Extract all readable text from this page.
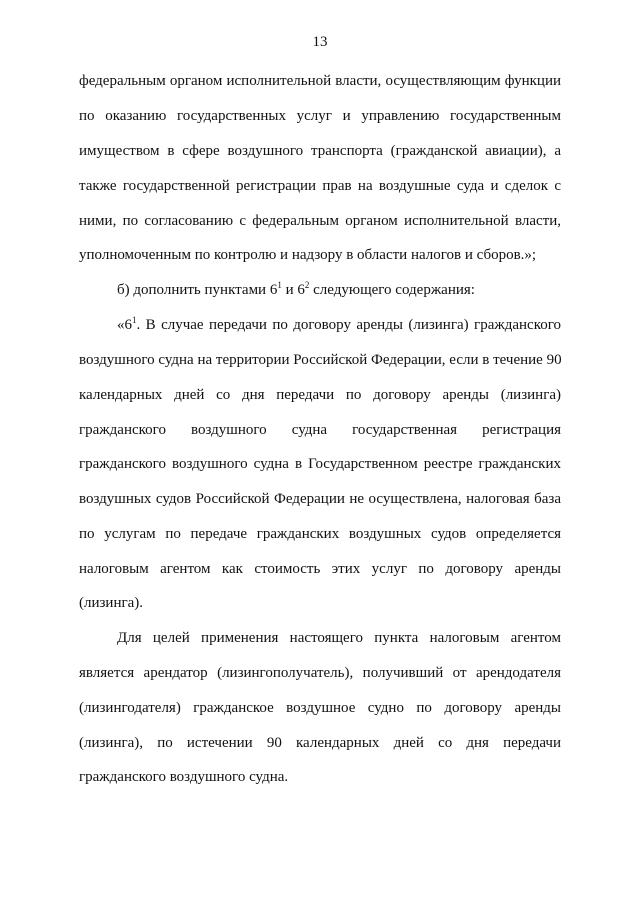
13
федеральным органом исполнительной власти, осуществляющим функции
по оказанию государственных услуг и управлению государственным
имуществом в сфере воздушного транспорта (гражданской авиации), а
также государственной регистрации прав на воздушные суда и сделок с
ними, по согласованию с федеральным органом исполнительной власти,
уполномоченным по контролю и надзору в области налогов и сборов.»;
б) дополнить пунктами $6^1$ и $6^2$ следующего содержания:
«$6^1$. В случае передачи по договору аренды (лизинга) гражданского
воздушного судна на территории Российской Федерации, если в течение 90
календарных дней со дня передачи по договору аренды (лизинга)
гражданского воздушного судна государственная регистрация
гражданского воздушного судна в Государственном реестре гражданских
воздушных судов Российской Федерации не осуществлена, налоговая база
по услугам по передаче гражданских воздушных судов определяется
налоговым агентом как стоимость этих услуг по договору аренды
(лизинга).
Для целей применения настоящего пункта налоговым агентом
является арендатор (лизингополучатель), получивший от арендодателя
(лизингодателя) гражданское воздушное судно по договору аренды
(лизинга), по истечении 90 календарных дней со дня передачи
гражданского воздушного судна.
